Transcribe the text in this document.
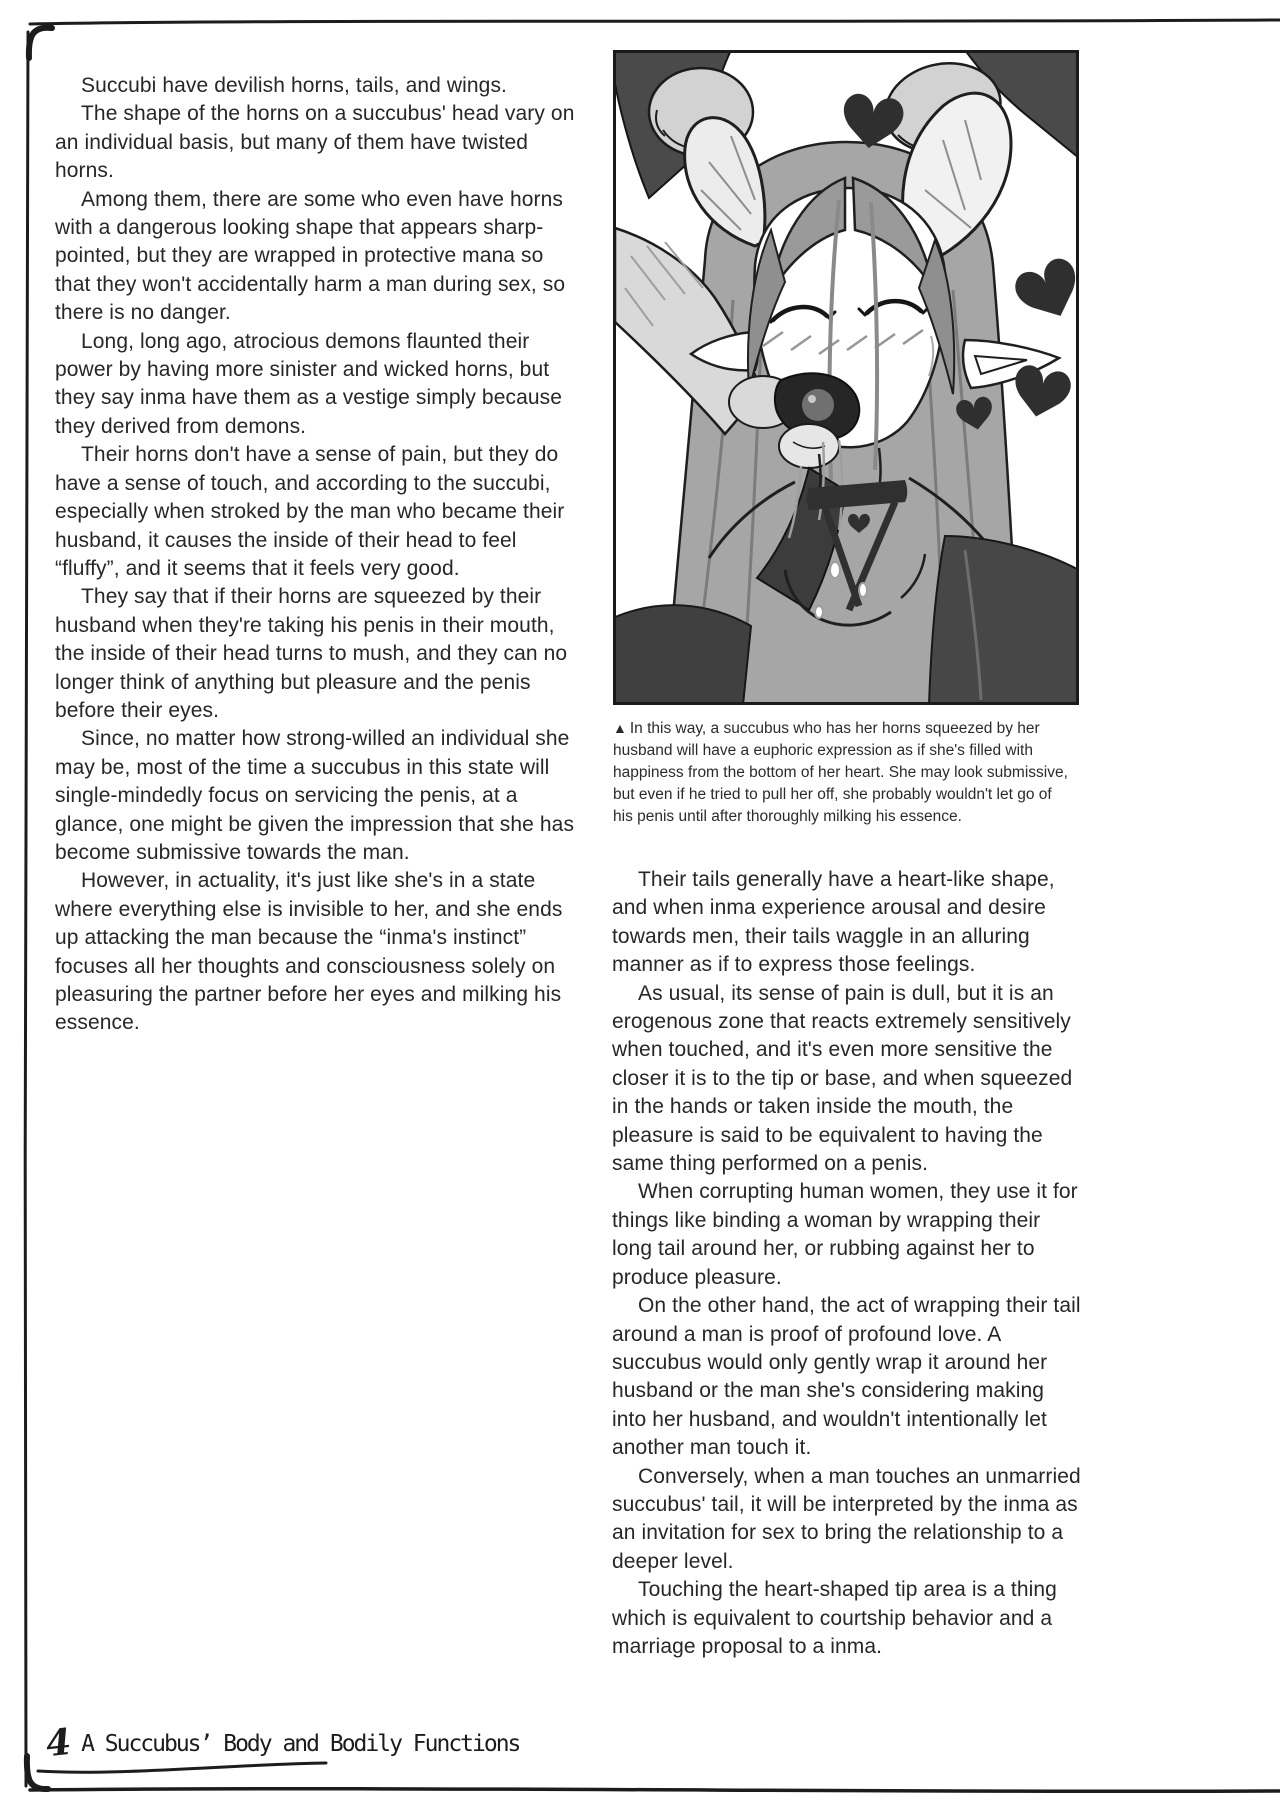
Succubi have devilish horns, tails, and wings.

The shape of the horns on a succubus' head vary on an individual basis, but many of them have twisted horns.

Among them, there are some who even have horns with a dangerous looking shape that appears sharp-pointed, but they are wrapped in protective mana so that they won't accidentally harm a man during sex, so there is no danger.

Long, long ago, atrocious demons flaunted their power by having more sinister and wicked horns, but they say inma have them as a vestige simply because they derived from demons.

Their horns don't have a sense of pain, but they do have a sense of touch, and according to the succubi, especially when stroked by the man who became their husband, it causes the inside of their head to feel “fluffy”, and it seems that it feels very good.

They say that if their horns are squeezed by their husband when they're taking his penis in their mouth, the inside of their head turns to mush, and they can no longer think of anything but pleasure and the penis before their eyes.

Since, no matter how strong-willed an individual she may be, most of the time a succubus in this state will single-mindedly focus on servicing the penis, at a glance, one might be given the impression that she has become submissive towards the man.

However, in actuality, it's just like she's in a state where everything else is invisible to her, and she ends up attacking the man because the “inma's instinct” focuses all her thoughts and consciousness solely on pleasuring the partner before her eyes and milking his essence.

▲ In this way, a succubus who has her horns squeezed by her husband will have a euphoric expression as if she's filled with happiness from the bottom of her heart. She may look submissive, but even if he tried to pull her off, she probably wouldn't let go of his penis until after thoroughly milking his essence.

Their tails generally have a heart-like shape, and when inma experience arousal and desire towards men, their tails waggle in an alluring manner as if to express those feelings.

As usual, its sense of pain is dull, but it is an erogenous zone that reacts extremely sensitively when touched, and it's even more sensitive the closer it is to the tip or base, and when squeezed in the hands or taken inside the mouth, the pleasure is said to be equivalent to having the same thing performed on a penis.

When corrupting human women, they use it for things like binding a woman by wrapping their long tail around her, or rubbing against her to produce pleasure.

On the other hand, the act of wrapping their tail around a man is proof of profound love. A succubus would only gently wrap it around her husband or the man she's considering making into her husband, and wouldn't intentionally let another man touch it.

Conversely, when a man touches an unmarried succubus' tail, it will be interpreted by the inma as an invitation for sex to bring the relationship to a deeper level.

Touching the heart-shaped tip area is a thing which is equivalent to courtship behavior and a marriage proposal to a inma.

4 A Succubus’ Body and Bodily Functions
